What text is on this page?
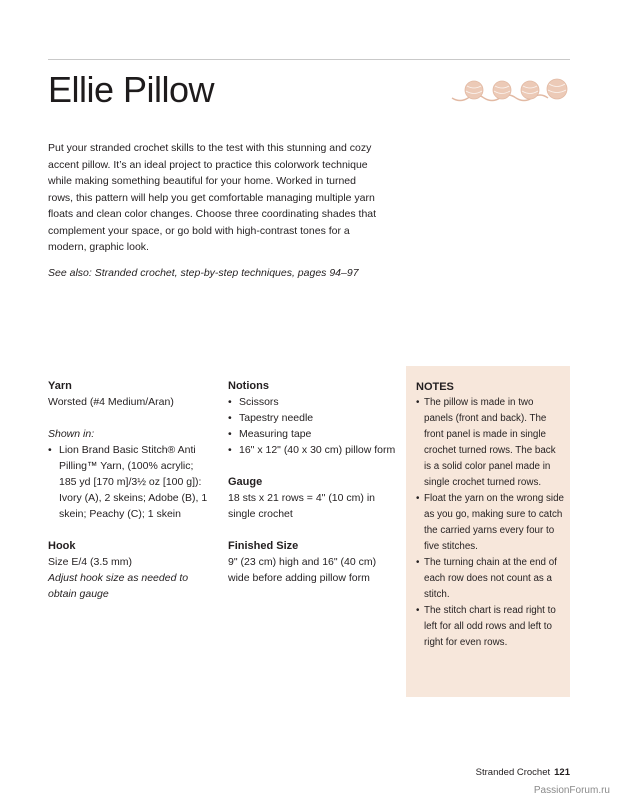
Ellie Pillow

Put your stranded crochet skills to the test with this stunning and cozy accent pillow. It’s an ideal project to practice this colorwork technique while making something beautiful for your home. Worked in turned rows, this pattern will help you get comfortable managing multiple yarn floats and clean color changes. Choose three coordinating shades that complement your space, or go bold with high-contrast tones for a modern, graphic look.

See also: Stranded crochet, step-by-step techniques, pages 94–97
Yarn

Worsted (#4 Medium/Aran)

Shown in:

• Lion Brand Basic Stitch® Anti Pilling™ Yarn, (100% acrylic; 185 yd [170 m]/3½ oz [100 g]): Ivory (A), 2 skeins; Adobe (B), 1 skein; Peachy (C); 1 skein

Hook

Size E/4 (3.5 mm)

Adjust hook size as needed to obtain gauge

Notions
• Scissors
• Tapestry needle
• Measuring tape
• 16" x 12" (40 x 30 cm) pillow form

Gauge

18 sts x 21 rows = 4" (10 cm) in single crochet

Finished Size

9" (23 cm) high and 16" (40 cm) wide before adding pillow form

NOTES
• The pillow is made in two panels (front and back). The front panel is made in single crochet turned rows. The back is a solid color panel made in single crochet turned rows.
• Float the yarn on the wrong side as you go, making sure to catch the carried yarns every four to five stitches.
• The turning chain at the end of each row does not count as a stitch.
• The stitch chart is read right to left for all odd rows and left to right for even rows.
Stranded Crochet 121
PassionForum.ru
